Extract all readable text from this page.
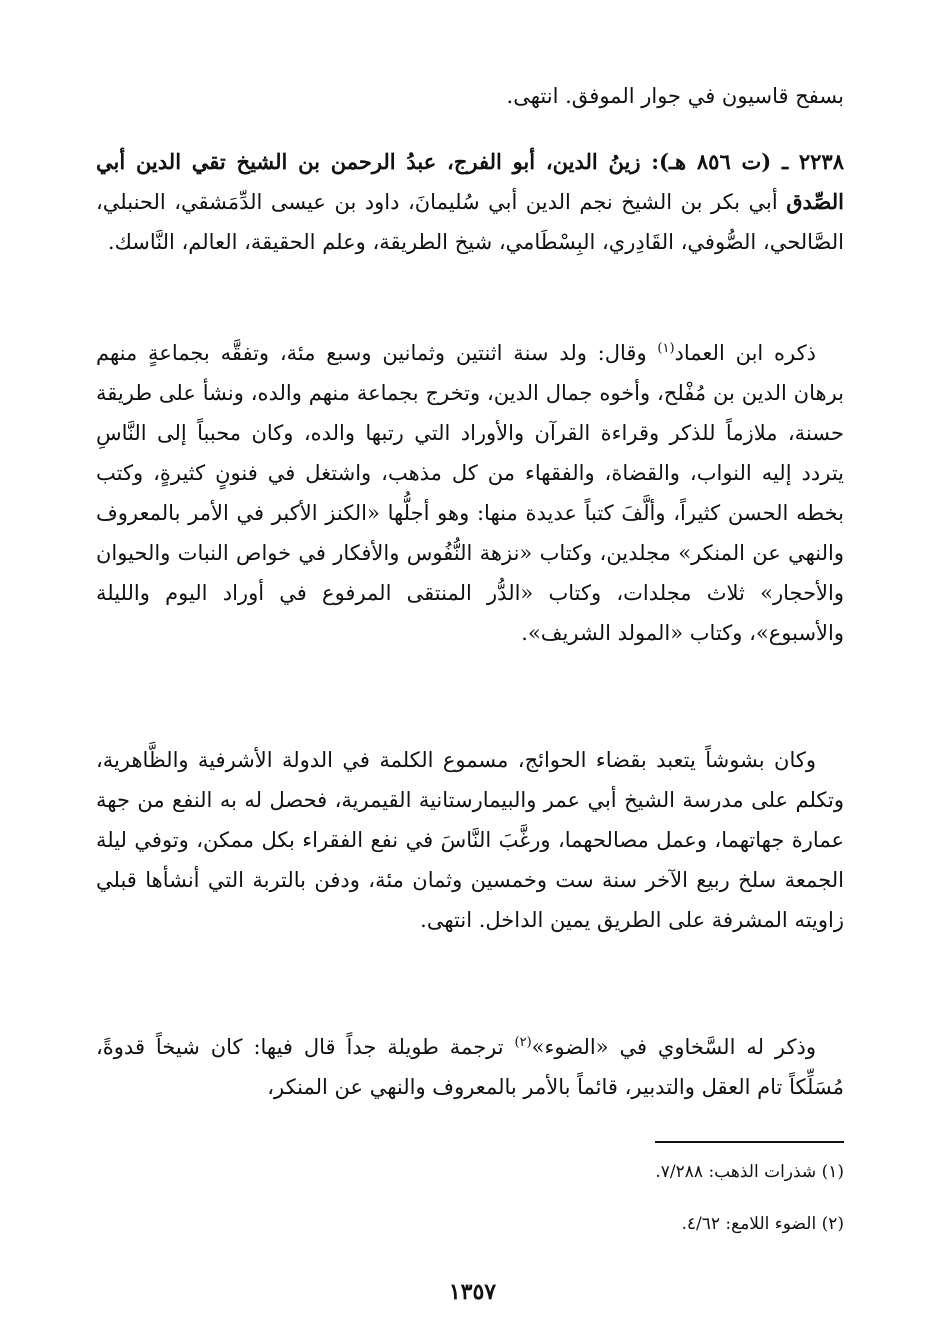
بسفح قاسيون في جوار الموفق. انتهى.

٢٢٣٨ ـ (ت ٨٥٦ هـ): زينُ الدين، أبو الفرج، عبدُ الرحمن بن الشيخ تقي الدين أبي الصِّدق أبي بكر بن الشيخ نجم الدين أبي سُليمانَ، داود بن عيسى الدِّمَشقي، الحنبلي، الصَّالحي، الصُّوفي، القَادِري، البِسْطَامي، شيخ الطريقة، وعلم الحقيقة، العالم، النَّاسك.

ذكره ابن العماد$^{(١)}$ وقال: ولد سنة اثنتين وثمانين وسبع مئة، وتفقَّه بجماعةٍ منهم برهان الدين بن مُفْلح، وأخوه جمال الدين، وتخرج بجماعة منهم والده، ونشأ على طريقة حسنة، ملازماً للذكر وقراءة القرآن والأوراد التي رتبها والده، وكان محبباً إلى النَّاسِ يتردد إليه النواب، والقضاة، والفقهاء من كل مذهب، واشتغل في فنونٍ كثيرةٍ، وكتب بخطه الحسن كثيراً، وألَّفَ كتباً عديدة منها: وهو أجلُّها «الكنز الأكبر في الأمر بالمعروف والنهي عن المنكر» مجلدين، وكتاب «نزهة النُّفُوس والأفكار في خواص النبات والحيوان والأحجار» ثلاث مجلدات، وكتاب «الدُّر المنتقى المرفوع في أوراد اليوم والليلة والأسبوع»، وكتاب «المولد الشريف».

وكان بشوشاً يتعبد بقضاء الحوائج، مسموع الكلمة في الدولة الأشرفية والظَّاهرية، وتكلم على مدرسة الشيخ أبي عمر والبيمارستانية القيمرية، فحصل له به النفع من جهة عمارة جهاتهما، وعمل مصالحهما، ورغَّبَ النَّاسَ في نفع الفقراء بكل ممكن، وتوفي ليلة الجمعة سلخ ربيع الآخر سنة ست وخمسين وثمان مئة، ودفن بالتربة التي أنشأها قبلي زاويته المشرفة على الطريق يمين الداخل. انتهى.

وذكر له السَّخاوي في «الضوء»$^{(٢)}$ ترجمة طويلة جداً قال فيها: كان شيخاً قدوةً، مُسَلِّكاً تام العقل والتدبير، قائماً بالأمر بالمعروف والنهي عن المنكر،

(١) شذرات الذهب: ٧/٢٨٨.

(٢) الضوء اللامع: ٤/٦٢.

١٣٥٧
